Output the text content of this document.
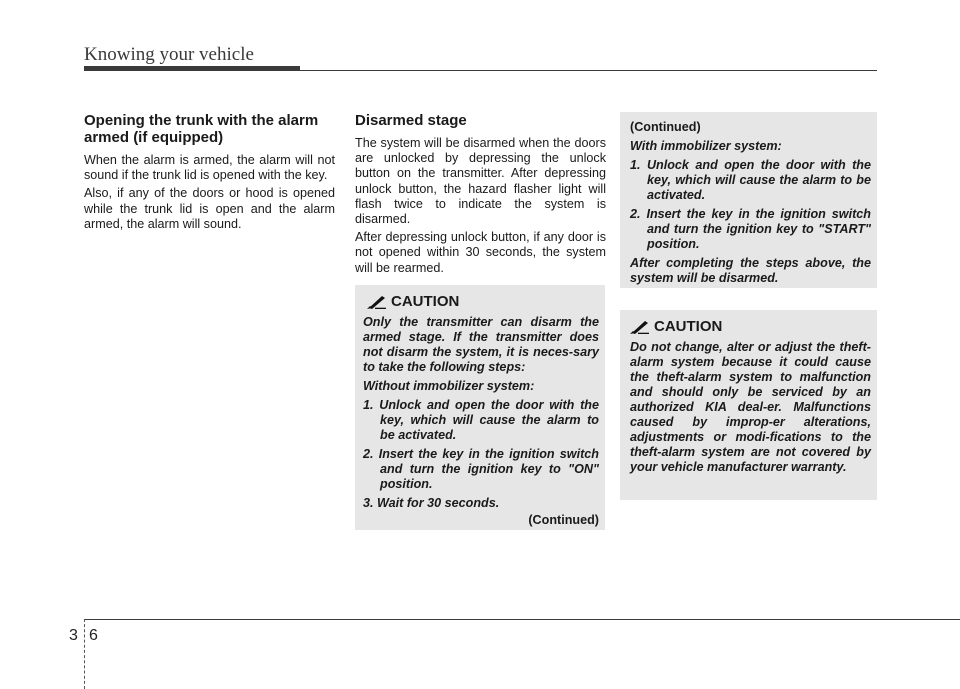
Knowing your vehicle
Opening the trunk with the alarm armed (if equipped)

When the alarm is armed, the alarm will not sound if the trunk lid is opened with the key.

Also, if any of the doors or hood is opened while the trunk lid is open and the alarm armed, the alarm will sound.

Disarmed stage

The system will be disarmed when the doors are unlocked by depressing the unlock button on the transmitter. After depressing unlock button, the hazard flasher light will flash twice to indicate the system is disarmed.

After depressing unlock button, if any door is not opened within 30 seconds, the system will be rearmed.

CAUTION

Only the transmitter can disarm the armed stage. If the transmitter does not disarm the system, it is neces-sary to take the following steps:

Without immobilizer system:

1. Unlock and open the door with the key, which will cause the alarm to be activated.

2. Insert the key in the ignition switch and turn the ignition key to "ON" position.

3. Wait for 30 seconds.

(Continued)
(Continued)

With immobilizer system:

1. Unlock and open the door with the key, which will cause the alarm to be activated.

2. Insert the key in the ignition switch and turn the ignition key to "START" position.

After completing the steps above, the system will be disarmed.

CAUTION

Do not change, alter or adjust the theft-alarm system because it could cause the theft-alarm system to malfunction and should only be serviced by an authorized KIA deal-er. Malfunctions caused by improp-er alterations, adjustments or modi-fications to the theft-alarm system are not covered by your vehicle manufacturer warranty.

3 6
